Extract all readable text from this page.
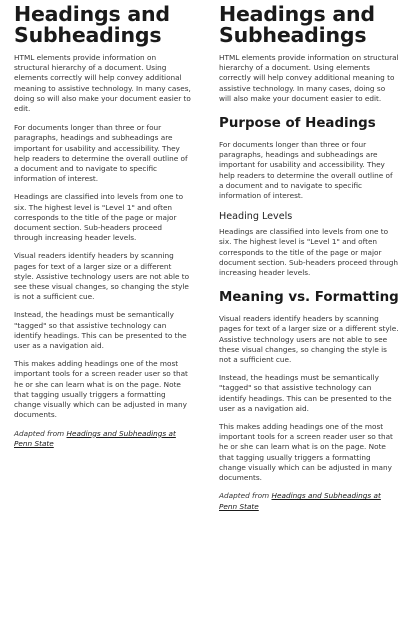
Headings and Subheadings

HTML elements provide information on structural hierarchy of a document. Using elements correctly will help convey additional meaning to assistive technology. In many cases, doing so will also make your document easier to edit.

For documents longer than three or four paragraphs, headings and subheadings are important for usability and accessibility. They help readers to determine the overall outline of a document and to navigate to specific information of interest.

Headings are classified into levels from one to six. The highest level is "Level 1" and often corresponds to the title of the page or major document section. Sub-headers proceed through increasing header levels.

Visual readers identify headers by scanning pages for text of a larger size or a different style. Assistive technology users are not able to see these visual changes, so changing the style is not a sufficient cue.

Instead, the headings must be semantically "tagged" so that assistive technology can identify headings. This can be presented to the user as a navigation aid.

This makes adding headings one of the most important tools for a screen reader user so that he or she can learn what is on the page. Note that tagging usually triggers a formatting change visually which can be adjusted in many documents.

Adapted from Headings and Subheadings at Penn State

Headings and Subheadings

HTML elements provide information on structural hierarchy of a document. Using elements correctly will help convey additional meaning to assistive technology. In many cases, doing so will also make your document easier to edit.

Purpose of Headings

For documents longer than three or four paragraphs, headings and subheadings are important for usability and accessibility. They help readers to determine the overall outline of a document and to navigate to specific information of interest.

Heading Levels

Headings are classified into levels from one to six. The highest level is "Level 1" and often corresponds to the title of the page or major document section. Sub-headers proceed through increasing header levels.

Meaning vs. Formatting

Visual readers identify headers by scanning pages for text of a larger size or a different style. Assistive technology users are not able to see these visual changes, so changing the style is not a sufficient cue.

Instead, the headings must be semantically "tagged" so that assistive technology can identify headings. This can be presented to the user as a navigation aid.

This makes adding headings one of the most important tools for a screen reader user so that he or she can learn what is on the page. Note that tagging usually triggers a formatting change visually which can be adjusted in many documents.

Adapted from Headings and Subheadings at Penn State
